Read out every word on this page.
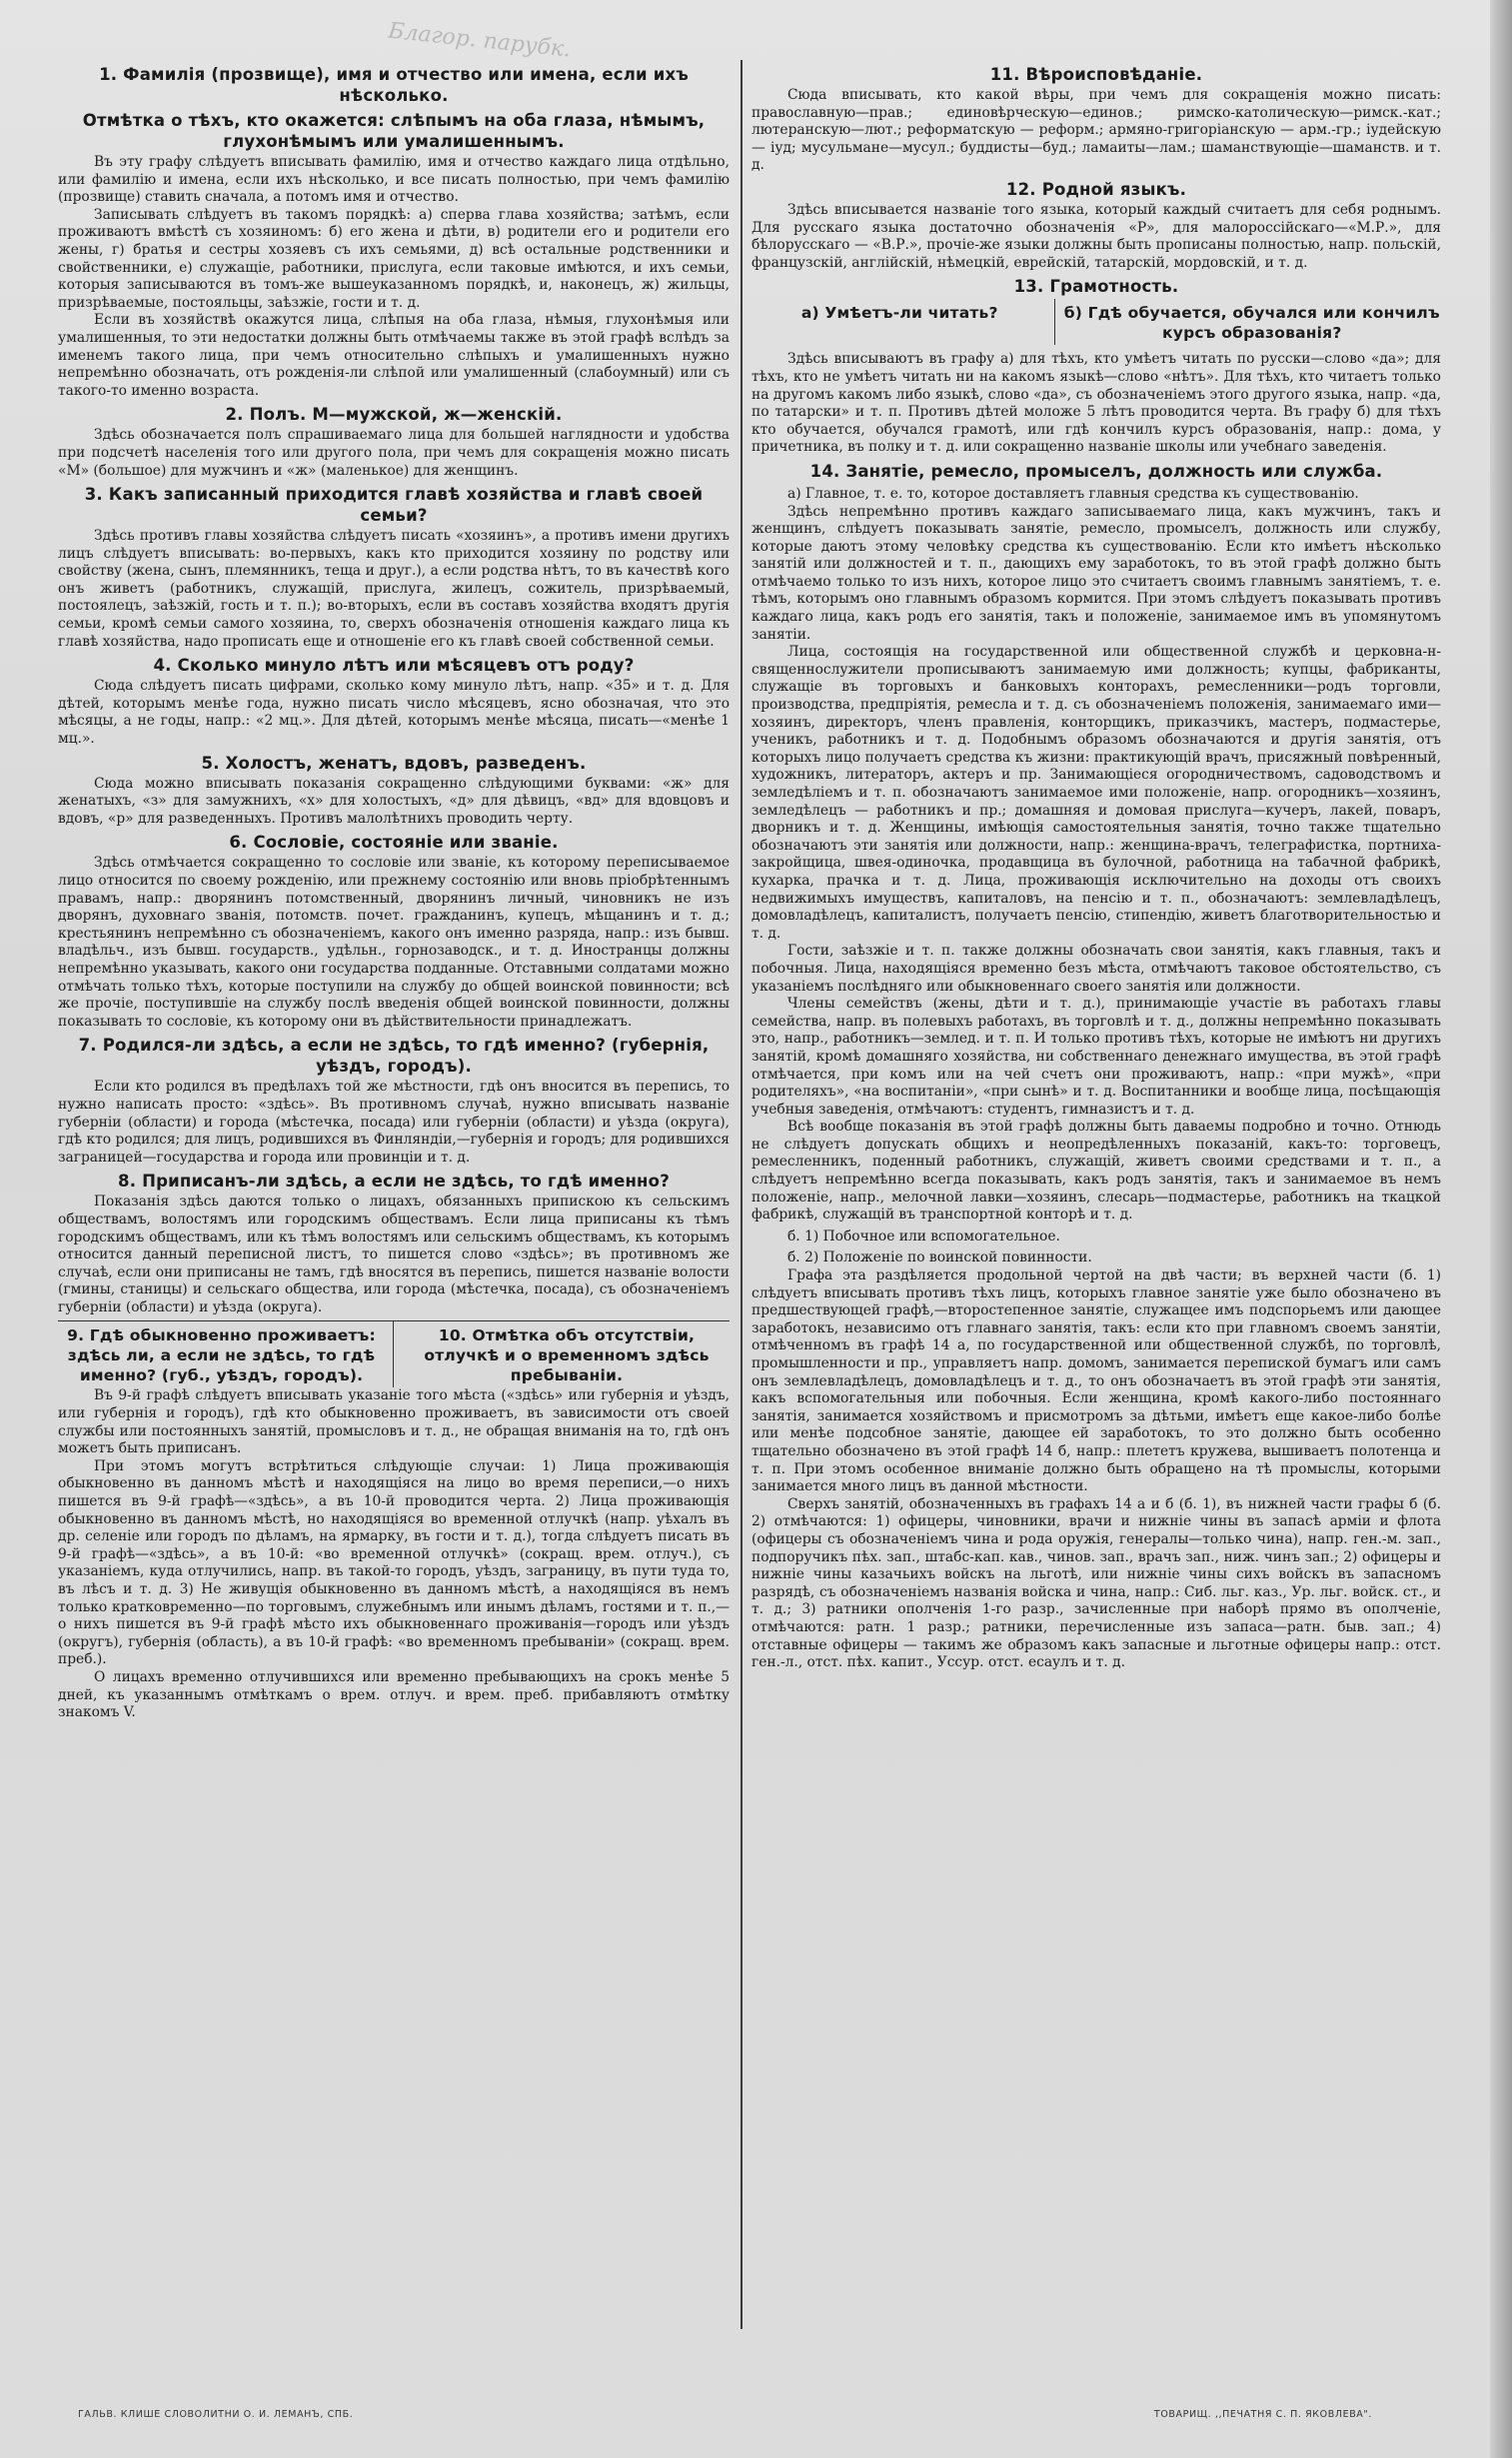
Благор. парубк.
1. Фамилія (прозвище), имя и отчество или имена, если ихъ нѣсколько.
Отмѣтка о тѣхъ, кто окажется: слѣпымъ на оба глаза, нѣмымъ, глухонѣмымъ или умалишеннымъ.

Въ эту графу слѣдуетъ вписывать фамилію, имя и отчество каждаго лица отдѣльно, или фамилію и имена, если ихъ нѣсколько, и все писать полностью, при чемъ фамилію (прозвище) ставить сначала, а потомъ имя и отчество.

Записывать слѣдуетъ въ такомъ порядкѣ: а) сперва глава хозяйства; затѣмъ, если проживаютъ вмѣстѣ съ хозяиномъ: б) его жена и дѣти, в) родители его и родители его жены, г) братья и сестры хозяевъ съ ихъ семьями, д) всѣ остальные родственники и свойственники, е) служащіе, работники, прислуга, если таковые имѣются, и ихъ семьи, которыя записываются въ томъ-же вышеуказанномъ порядкѣ, и, наконецъ, ж) жильцы, призрѣваемые, постояльцы, заѣзжіе, гости и т. д.

Если въ хозяйствѣ окажутся лица, слѣпыя на оба глаза, нѣмыя, глухонѣмыя или умалишенныя, то эти недостатки должны быть отмѣчаемы также въ этой графѣ вслѣдъ за именемъ такого лица, при чемъ относительно слѣпыхъ и умалишенныхъ нужно непремѣнно обозначать, отъ рожденія-ли слѣпой или умалишенный (слабоумный) или съ такого-то именно возраста.

2. Полъ. М—мужской, ж—женскій.

Здѣсь обозначается полъ спрашиваемаго лица для большей наглядности и удобства при подсчетѣ населенія того или другого пола, при чемъ для сокращенія можно писать «М» (большое) для мужчинъ и «ж» (маленькое) для женщинъ.

3. Какъ записанный приходится главѣ хозяйства и главѣ своей семьи?

Здѣсь противъ главы хозяйства слѣдуетъ писать «хозяинъ», а противъ имени другихъ лицъ слѣдуетъ вписывать: во-первыхъ, какъ кто приходится хозяину по родству или свойству (жена, сынъ, племянникъ, теща и друг.), а если родства нѣтъ, то въ качествѣ кого онъ живетъ (работникъ, служащій, прислуга, жилецъ, сожитель, призрѣваемый, постоялецъ, заѣзжій, гость и т. п.); во-вторыхъ, если въ составъ хозяйства входятъ другія семьи, кромѣ семьи самого хозяина, то, сверхъ обозначенія отношенія каждаго лица къ главѣ хозяйства, надо прописать еще и отношеніе его къ главѣ своей собственной семьи.

4. Сколько минуло лѣтъ или мѣсяцевъ отъ роду?

Сюда слѣдуетъ писать цифрами, сколько кому минуло лѣтъ, напр. «35» и т. д. Для дѣтей, которымъ менѣе года, нужно писать число мѣсяцевъ, ясно обозначая, что это мѣсяцы, а не годы, напр.: «2 мц.». Для дѣтей, которымъ менѣе мѣсяца, писать—«менѣе 1 мц.».

5. Холостъ, женатъ, вдовъ, разведенъ.

Сюда можно вписывать показанія сокращенно слѣдующими буквами: «ж» для женатыхъ, «з» для замужнихъ, «х» для холостыхъ, «д» для дѣвицъ, «вд» для вдовцовъ и вдовъ, «р» для разведенныхъ. Противъ малолѣтнихъ проводить черту.

6. Сословіе, состояніе или званіе.

Здѣсь отмѣчается сокращенно то сословіе или званіе, къ которому переписываемое лицо относится по своему рожденію, или прежнему состоянію или вновь пріобрѣтеннымъ правамъ, напр.: дворянинъ потомственный, дворянинъ личный, чиновникъ не изъ дворянъ, духовнаго званія, потомств. почет. гражданинъ, купецъ, мѣщанинъ и т. д.; крестьянинъ непремѣнно съ обозначеніемъ, какого онъ именно разряда, напр.: изъ бывш. владѣльч., изъ бывш. государств., удѣльн., горнозаводск., и т. д. Иностранцы должны непремѣнно указывать, какого они государства подданные. Отставными солдатами можно отмѣчать только тѣхъ, которые поступили на службу до общей воинской повинности; всѣ же прочіе, поступившіе на службу послѣ введенія общей воинской повинности, должны показывать то сословіе, къ которому они въ дѣйствительности принадлежатъ.

7. Родился-ли здѣсь, а если не здѣсь, то гдѣ именно? (губернія, уѣздъ, городъ).

Если кто родился въ предѣлахъ той же мѣстности, гдѣ онъ вносится въ перепись, то нужно написать просто: «здѣсь». Въ противномъ случаѣ, нужно вписывать названіе губерніи (области) и города (мѣстечка, посада) или губерніи (области) и уѣзда (округа), гдѣ кто родился; для лицъ, родившихся въ Финляндіи,—губернія и городъ; для родившихся заграницей—государства и города или провинціи и т. д.

8. Приписанъ-ли здѣсь, а если не здѣсь, то гдѣ именно?

Показанія здѣсь даются только о лицахъ, обязанныхъ припискою къ сельскимъ обществамъ, волостямъ или городскимъ обществамъ. Если лица приписаны къ тѣмъ городскимъ обществамъ, или къ тѣмъ волостямъ или сельскимъ обществамъ, къ которымъ относится данный переписной листъ, то пишется слово «здѣсь»; въ противномъ же случаѣ, если они приписаны не тамъ, гдѣ вносятся въ перепись, пишется названіе волости (гмины, станицы) и сельскаго общества, или города (мѣстечка, посада), съ обозначеніемъ губерніи (области) и уѣзда (округа).

9. Гдѣ обыкновенно проживаетъ: здѣсь ли, а если не здѣсь, то гдѣ именно? (губ., уѣздъ, городъ).
10. Отмѣтка объ отсутствіи, отлучкѣ и о временномъ здѣсь пребываніи.

Въ 9-й графѣ слѣдуетъ вписывать указаніе того мѣста («здѣсь» или губернія и уѣздъ, или губернія и городъ), гдѣ кто обыкновенно проживаетъ, въ зависимости отъ своей службы или постоянныхъ занятій, промысловъ и т. д., не обращая вниманія на то, гдѣ онъ можетъ быть приписанъ.

При этомъ могутъ встрѣтиться слѣдующіе случаи: 1) Лица проживающія обыкновенно въ данномъ мѣстѣ и находящіяся на лицо во время переписи,—о нихъ пишется въ 9-й графѣ—«здѣсь», а въ 10-й проводится черта. 2) Лица проживающія обыкновенно въ данномъ мѣстѣ, но находящіяся во временной отлучкѣ (напр. уѣхалъ въ др. селеніе или городъ по дѣламъ, на ярмарку, въ гости и т. д.), тогда слѣдуетъ писать въ 9-й графѣ—«здѣсь», а въ 10-й: «во временной отлучкѣ» (сокращ. врем. отлуч.), съ указаніемъ, куда отлучились, напр. въ такой-то городъ, уѣздъ, заграницу, въ пути туда то, въ лѣсъ и т. д. 3) Не живущія обыкновенно въ данномъ мѣстѣ, а находящіяся въ немъ только кратковременно—по торговымъ, служебнымъ или инымъ дѣламъ, гостями и т. п.,—о нихъ пишется въ 9-й графѣ мѣсто ихъ обыкновеннаго проживанія—городъ или уѣздъ (округъ), губернія (область), а въ 10-й графѣ: «во временномъ пребываніи» (сокращ. врем. преб.).

О лицахъ временно отлучившихся или временно пребывающихъ на срокъ менѣе 5 дней, къ указаннымъ отмѣткамъ о врем. отлуч. и врем. преб. прибавляютъ отмѣтку знакомъ V.

11. Вѣроисповѣданіе.

Сюда вписывать, кто какой вѣры, при чемъ для сокращенія можно писать: православную—прав.; единовѣрческую—единов.; римско-католическую—римск.-кат.; лютеранскую—лют.; реформатскую — реформ.; армяно-григоріанскую — арм.-гр.; іудейскую — іуд; мусульмане—мусул.; буддисты—буд.; ламаиты—лам.; шаманствующіе—шаманств. и т. д.

12. Родной языкъ.

Здѣсь вписывается названіе того языка, который каждый считаетъ для себя роднымъ. Для русскаго языка достаточно обозначенія «Р», для малороссійскаго—«М.Р.», для бѣлорусскаго — «В.Р.», прочіе-же языки должны быть прописаны полностью, напр. польскій, французскій, англійскій, нѣмецкій, еврейскій, татарскій, мордовскій, и т. д.

13. Грамотность.
а) Умѣетъ-ли читать?	б) Гдѣ обучается, обучался или кончилъ курсъ образованія?

Здѣсь вписываютъ въ графу а) для тѣхъ, кто умѣетъ читать по русски—слово «да»; для тѣхъ, кто не умѣетъ читать ни на какомъ языкѣ—слово «нѣтъ». Для тѣхъ, кто читаетъ только на другомъ какомъ либо языкѣ, слово «да», съ обозначеніемъ этого другого языка, напр. «да, по татарски» и т. п. Противъ дѣтей моложе 5 лѣтъ проводится черта. Въ графу б) для тѣхъ кто обучается, обучался грамотѣ, или гдѣ кончилъ курсъ образованія, напр.: дома, у причетника, въ полку и т. д. или сокращенно названіе школы или учебнаго заведенія.

14. Занятіе, ремесло, промыселъ, должность или служба.

а) Главное, т. е. то, которое доставляетъ главныя средства къ существованію.

Здѣсь непремѣнно противъ каждаго записываемаго лица, какъ мужчинъ, такъ и женщинъ, слѣдуетъ показывать занятіе, ремесло, промыселъ, должность или службу, которые даютъ этому человѣку средства къ существованію. Если кто имѣетъ нѣсколько занятій или должностей и т. п., дающихъ ему заработокъ, то въ этой графѣ должно быть отмѣчаемо только то изъ нихъ, которое лицо это считаетъ своимъ главнымъ занятіемъ, т. е. тѣмъ, которымъ оно главнымъ образомъ кормится. При этомъ слѣдуетъ показывать противъ каждаго лица, какъ родъ его занятія, такъ и положеніе, занимаемое имъ въ упомянутомъ занятіи.

Лица, состоящія на государственной или общественной службѣ и церковна-н-священнослужители прописываютъ занимаемую ими должность; купцы, фабриканты, служащіе въ торговыхъ и банковыхъ конторахъ, ремесленники—родъ торговли, производства, предпріятія, ремесла и т. д. съ обозначеніемъ положенія, занимаемаго ими—хозяинъ, директоръ, членъ правленія, конторщикъ, приказчикъ, мастеръ, подмастерье, ученикъ, работникъ и т. д. Подобнымъ образомъ обозначаются и другія занятія, отъ которыхъ лицо получаетъ средства къ жизни: практикующій врачъ, присяжный повѣренный, художникъ, литераторъ, актеръ и пр. Занимающіеся огородничествомъ, садоводствомъ и земледѣліемъ и т. п. обозначаютъ занимаемое ими положеніе, напр. огородникъ—хозяинъ, земледѣлецъ — работникъ и пр.; домашняя и домовая прислуга—кучеръ, лакей, поваръ, дворникъ и т. д. Женщины, имѣющія самостоятельныя занятія, точно также тщательно обозначаютъ эти занятія или должности, напр.: женщина-врачъ, телеграфистка, портниха-закройщица, швея-одиночка, продавщица въ булочной, работница на табачной фабрикѣ, кухарка, прачка и т. д. Лица, проживающія исключительно на доходы отъ своихъ недвижимыхъ имуществъ, капиталовъ, на пенсію и т. п., обозначаютъ: землевладѣлецъ, домовладѣлецъ, капиталистъ, получаетъ пенсію, стипендію, живетъ благотворительностью и т. д.

Гости, заѣзжіе и т. п. также должны обозначать свои занятія, какъ главныя, такъ и побочныя. Лица, находящіяся временно безъ мѣста, отмѣчаютъ таковое обстоятельство, съ указаніемъ послѣдняго или обыкновеннаго своего занятія или должности.

Члены семействъ (жены, дѣти и т. д.), принимающіе участіе въ работахъ главы семейства, напр. въ полевыхъ работахъ, въ торговлѣ и т. д., должны непремѣнно показывать это, напр., работникъ—землед. и т. п. И только противъ тѣхъ, которые не имѣютъ ни другихъ занятій, кромѣ домашняго хозяйства, ни собственнаго денежнаго имущества, въ этой графѣ отмѣчается, при комъ или на чей счетъ они проживаютъ, напр.: «при мужѣ», «при родителяхъ», «на воспитаніи», «при сынѣ» и т. д. Воспитанники и вообще лица, посѣщающія учебныя заведенія, отмѣчаютъ: студентъ, гимназистъ и т. д.

Всѣ вообще показанія въ этой графѣ должны быть даваемы подробно и точно. Отнюдь не слѣдуетъ допускать общихъ и неопредѣленныхъ показаній, какъ-то: торговецъ, ремесленникъ, поденный работникъ, служащій, живетъ своими средствами и т. п., а слѣдуетъ непремѣнно всегда показывать, какъ родъ занятія, такъ и занимаемое въ немъ положеніе, напр., мелочной лавки—хозяинъ, слесарь—подмастерье, работникъ на ткацкой фабрикѣ, служащій въ транспортной конторѣ и т. д.

б. 1) Побочное или вспомогательное.

б. 2) Положеніе по воинской повинности.

Графа эта раздѣляется продольной чертой на двѣ части; въ верхней части (б. 1) слѣдуетъ вписывать противъ тѣхъ лицъ, которыхъ главное занятіе уже было обозначено въ предшествующей графѣ,—второстепенное занятіе, служащее имъ подспорьемъ или дающее заработокъ, независимо отъ главнаго занятія, такъ: если кто при главномъ своемъ занятіи, отмѣченномъ въ графѣ 14 а, по государственной или общественной службѣ, по торговлѣ, промышленности и пр., управляетъ напр. домомъ, занимается перепиской бумагъ или самъ онъ землевладѣлецъ, домовладѣлецъ и т. д., то онъ обозначаетъ въ этой графѣ эти занятія, какъ вспомогательныя или побочныя. Если женщина, кромѣ какого-либо постояннаго занятія, занимается хозяйствомъ и присмотромъ за дѣтьми, имѣетъ еще какое-либо болѣе или менѣе подсобное занятіе, дающее ей заработокъ, то это должно быть особенно тщательно обозначено въ этой графѣ 14 б, напр.: плететъ кружева, вышиваетъ полотенца и т. п. При этомъ особенное вниманіе должно быть обращено на тѣ промыслы, которыми занимается много лицъ въ данной мѣстности.

Сверхъ занятій, обозначенныхъ въ графахъ 14 а и б (б. 1), въ нижней части графы б (б. 2) отмѣчаются: 1) офицеры, чиновники, врачи и нижніе чины въ запасѣ арміи и флота (офицеры съ обозначеніемъ чина и рода оружія, генералы—только чина), напр. ген.-м. зап., подпоручикъ пѣх. зап., штабс-кап. кав., чинов. зап., врачъ зап., ниж. чинъ зап.; 2) офицеры и нижніе чины казачьихъ войскъ на льготѣ, или нижніе чины сихъ войскъ въ запасномъ разрядѣ, съ обозначеніемъ названія войска и чина, напр.: Сиб. льг. каз., Ур. льг. войск. ст., и т. д.; 3) ратники ополченія 1-го разр., зачисленные при наборѣ прямо въ ополченіе, отмѣчаются: ратн. 1 разр.; ратники, перечисленные изъ запаса—ратн. быв. зап.; 4) отставные офицеры — такимъ же образомъ какъ запасные и льготные офицеры напр.: отст. ген.-л., отст. пѣх. капит., Уссур. отст. есаулъ и т. д.

ГАЛЬВ. КЛИШЕ СЛОВОЛИТНИ О. И. ЛЕМАНЪ, СПБ.	ТОВАРИЩ. ,,ПЕЧАТНЯ С. П. ЯКОВЛЕВА".
